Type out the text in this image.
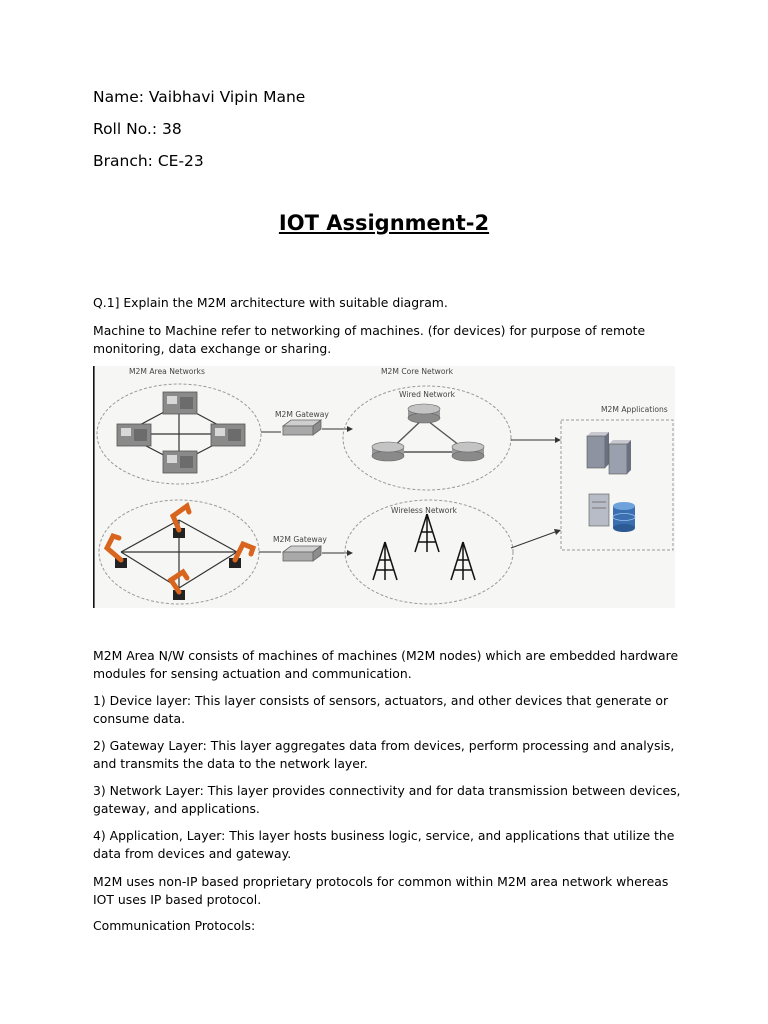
Name: Vaibhavi Vipin Mane
Roll No.: 38
Branch: CE-23
IOT Assignment-2
Q.1] Explain the M2M architecture with suitable diagram.
Machine to Machine refer to networking of machines. (for devices) for purpose of remote monitoring, data exchange or sharing.
M2M Area Networks	M2M Core Network
M2M Applications
M2M Gateway
Wired Network
M2M Gateway
Wireless Network
M2M Area N/W consists of machines of machines (M2M nodes) which are embedded hardware modules for sensing actuation and communication.
1) Device layer: This layer consists of sensors, actuators, and other devices that generate or consume data.
2) Gateway Layer: This layer aggregates data from devices, perform processing and analysis, and transmits the data to the network layer.
3) Network Layer: This layer provides connectivity and for data transmission between devices, gateway, and applications.
4) Application, Layer: This layer hosts business logic, service, and applications that utilize the data from devices and gateway.
M2M uses non-IP based proprietary protocols for common within M2M area network whereas IOT uses IP based protocol.
Communication Protocols:
